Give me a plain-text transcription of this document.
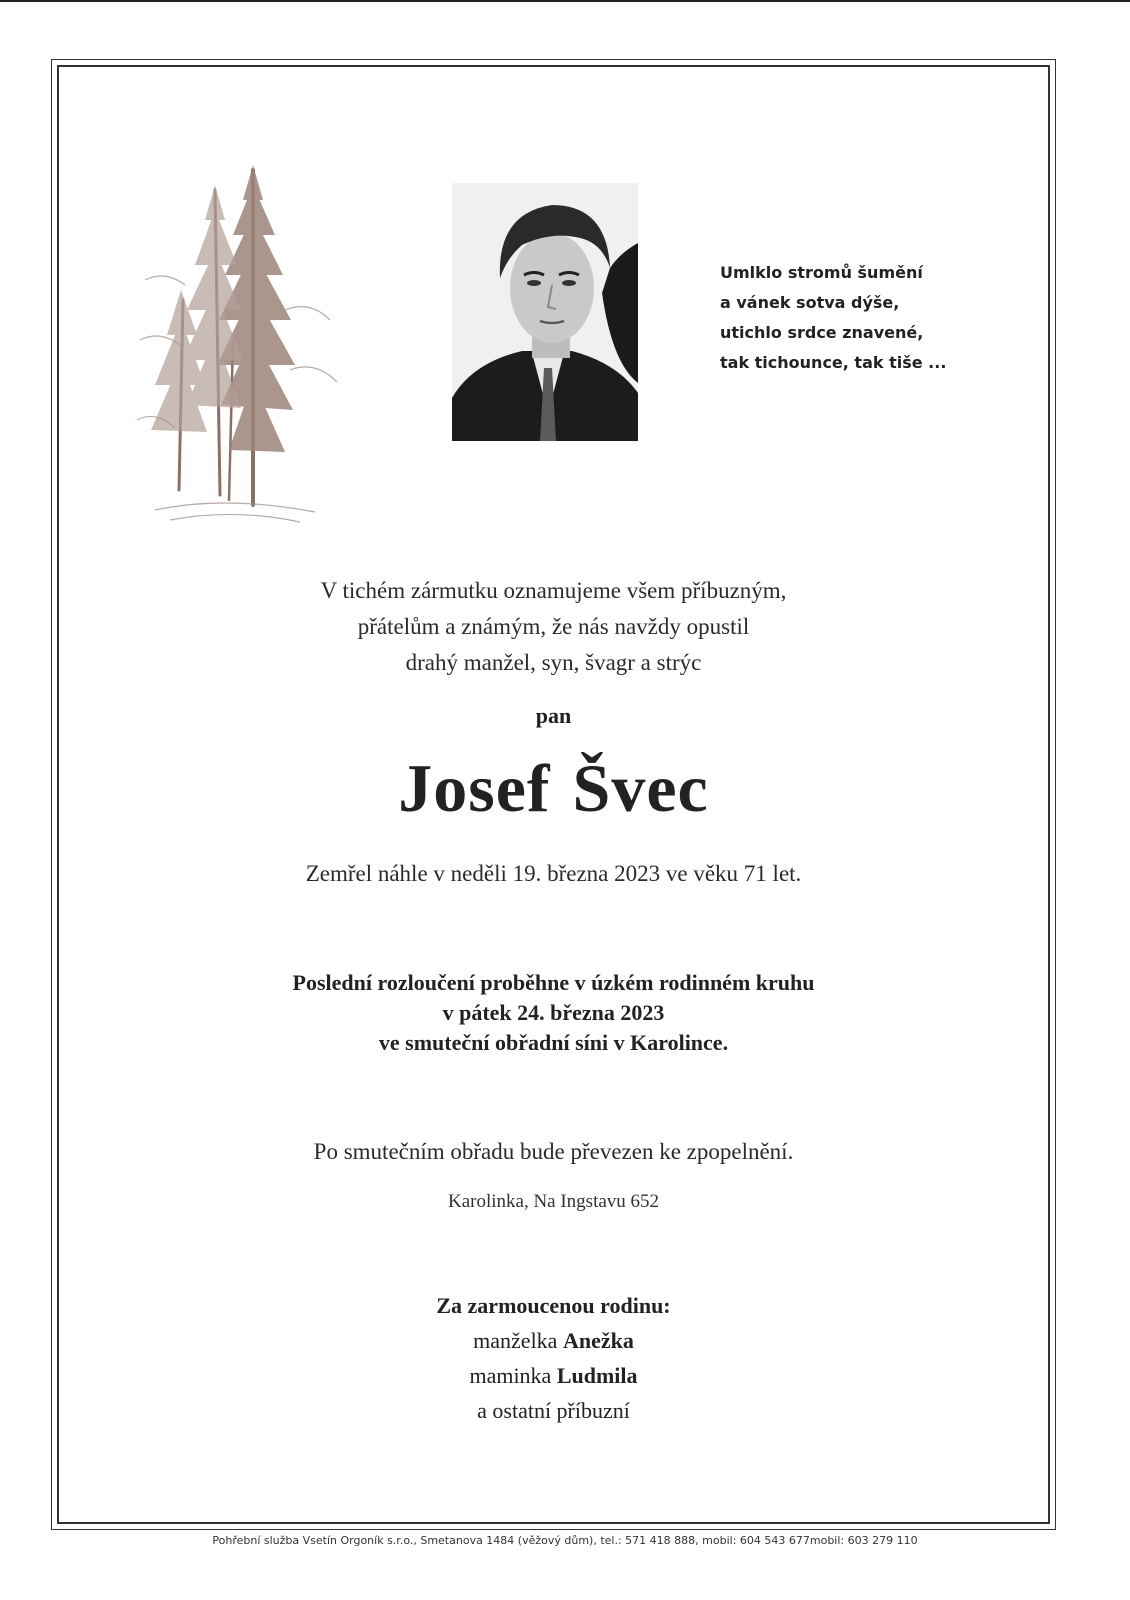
Umlklo stromů šumění
a vánek sotva dýše,
utichlo srdce znavené,
tak tichounce, tak tiše ...
V tichém zármutku oznamujeme všem příbuzným,
přátelům a známým, že nás navždy opustil
drahý manžel, syn, švagr a strýc
pan
Josef Švec
Zemřel náhle v neděli 19. března 2023 ve věku 71 let.
Poslední rozloučení proběhne v úzkém rodinném kruhu
v pátek 24. března 2023
ve smuteční obřadní síni v Karolince.
Po smutečním obřadu bude převezen ke zpopelnění.
Karolinka, Na Ingstavu 652
Za zarmoucenou rodinu:
manželka Anežka
maminka Ludmila
a ostatní příbuzní
Pohřební služba Vsetín Orgoník s.r.o., Smetanova 1484 (věžový dům), tel.: 571 418 888, mobil: 604 543 677mobil: 603 279 110
